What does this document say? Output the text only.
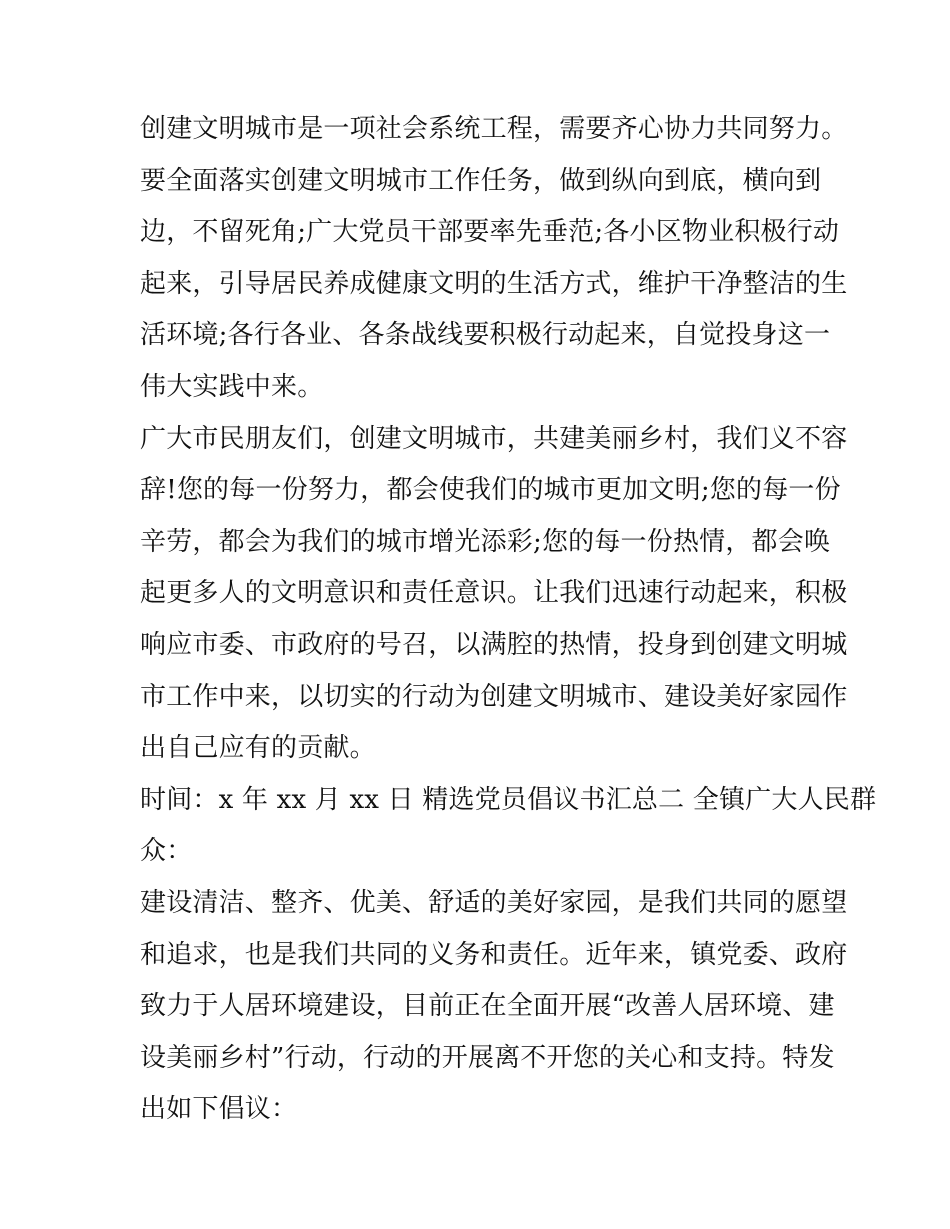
创建文明城市是一项社会系统工程，需要齐心协力共同努力。
要全面落实创建文明城市工作任务，做到纵向到底，横向到
边，不留死角;广大党员干部要率先垂范;各小区物业积极行动
起来，引导居民养成健康文明的生活方式，维护干净整洁的生
活环境;各行各业、各条战线要积极行动起来，自觉投身这一
伟大实践中来。
广大市民朋友们，创建文明城市，共建美丽乡村，我们义不容
辞!您的每一份努力，都会使我们的城市更加文明;您的每一份
辛劳，都会为我们的城市增光添彩;您的每一份热情，都会唤
起更多人的文明意识和责任意识。让我们迅速行动起来，积极
响应市委、市政府的号召，以满腔的热情，投身到创建文明城
市工作中来，以切实的行动为创建文明城市、建设美好家园作
出自己应有的贡献。
时间：x 年 xx 月 xx 日 精选党员倡议书汇总二 全镇广大人民群
众：
建设清洁、整齐、优美、舒适的美好家园，是我们共同的愿望
和追求，也是我们共同的义务和责任。近年来，镇党委、政府
致力于人居环境建设，目前正在全面开展“改善人居环境、建
设美丽乡村”行动，行动的开展离不开您的关心和支持。特发
出如下倡议：
